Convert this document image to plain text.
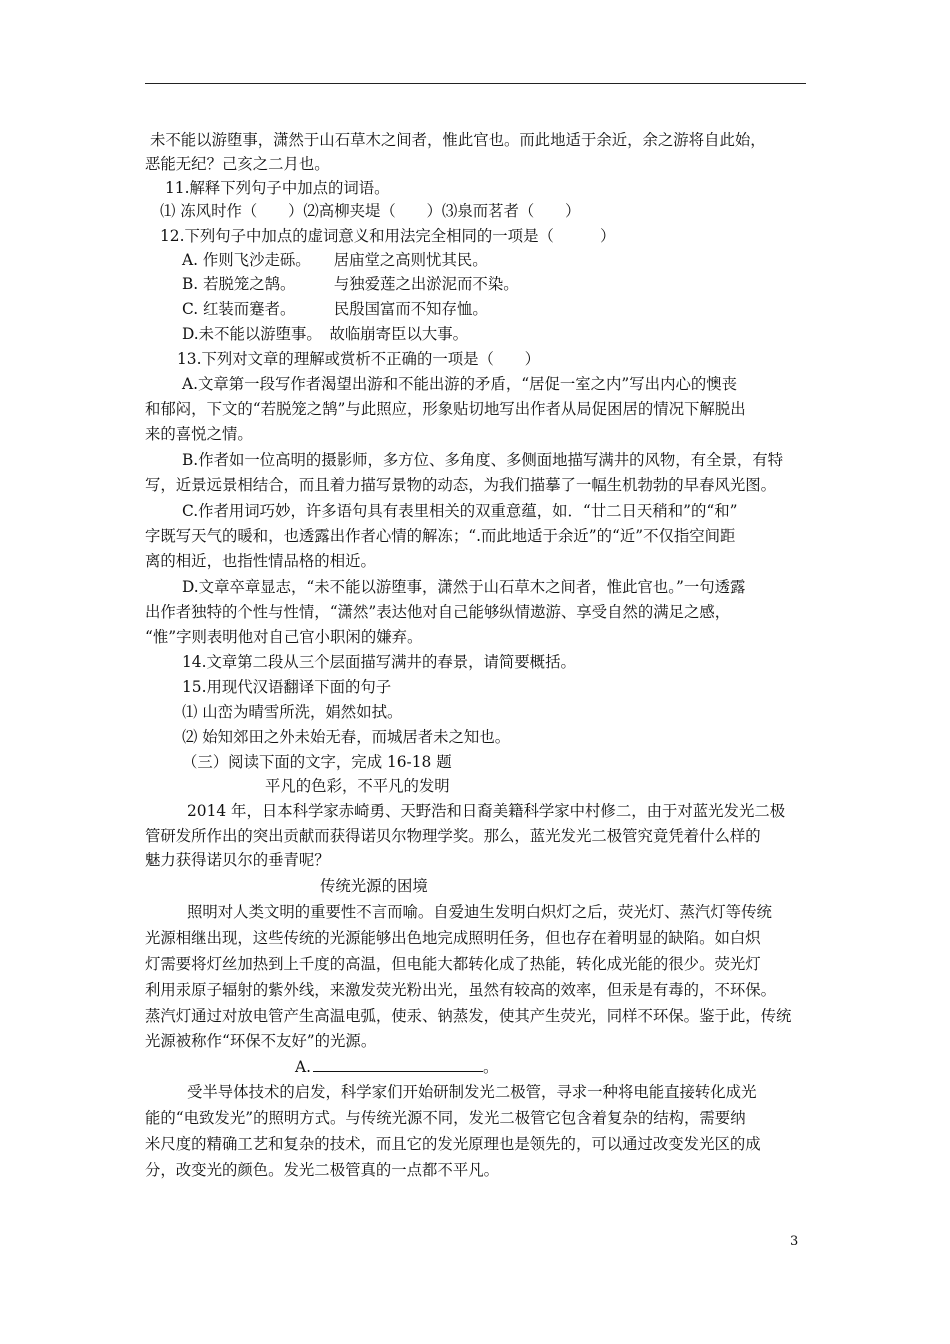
未不能以游堕事，潇然于山石草木之间者，惟此官也。而此地适于余近，余之游将自此始，
恶能无纪？己亥之二月也。
11.解释下列句子中加点的词语。
⑴ 冻风时作（　　）⑵高柳夹堤（　　）⑶泉而茗者（　　）
12.下列句子中加点的虚词意义和用法完全相同的一项是（　　　）
A. 作则飞沙走砾。　　居庙堂之高则忧其民。
B. 若脱笼之鹄。　　　与独爱莲之出淤泥而不染。
C. 红装而蹇者。　　　民殷国富而不知存恤。
D.未不能以游堕事。　故临崩寄臣以大事。
13.下列对文章的理解或赏析不正确的一项是（　　）
A.文章第一段写作者渴望出游和不能出游的矛盾，“居促一室之内”写出内心的懊丧
和郁闷，下文的“若脱笼之鹄”与此照应，形象贴切地写出作者从局促困居的情况下解脱出
来的喜悦之情。
B.作者如一位高明的摄影师，多方位、多角度、多侧面地描写满井的风物，有全景，有特
写，近景远景相结合，而且着力描写景物的动态，为我们描摹了一幅生机勃勃的早春风光图。
C.作者用词巧妙，许多语句具有表里相关的双重意蕴，如．“廿二日天稍和”的“和”
字既写天气的暖和，也透露出作者心情的解冻；“.而此地适于余近”的“近”不仅指空间距
离的相近，也指性情品格的相近。
D.文章卒章显志，“未不能以游堕事，潇然于山石草木之间者，惟此官也。”一句透露
出作者独特的个性与性情，“潇然”表达他对自己能够纵情遨游、享受自然的满足之感，
“惟”字则表明他对自己官小职闲的嫌弃。
14.文章第二段从三个层面描写满井的春景，请简要概括。
15.用现代汉语翻译下面的句子
⑴ 山峦为晴雪所洗，娟然如拭。
⑵ 始知郊田之外未始无春，而城居者未之知也。
（三）阅读下面的文字，完成 16-18 题
平凡的色彩，不平凡的发明
2014 年，日本科学家赤崎勇、天野浩和日裔美籍科学家中村修二，由于对蓝光发光二极
管研发所作出的突出贡献而获得诺贝尔物理学奖。那么，蓝光发光二极管究竟凭着什么样的
魅力获得诺贝尔的垂青呢？
传统光源的困境
照明对人类文明的重要性不言而喻。自爱迪生发明白炽灯之后，荧光灯、蒸汽灯等传统
光源相继出现，这些传统的光源能够出色地完成照明任务，但也存在着明显的缺陷。如白炽
灯需要将灯丝加热到上千度的高温，但电能大都转化成了热能，转化成光能的很少。荧光灯
利用汞原子辐射的紫外线，来激发荧光粉出光，虽然有较高的效率，但汞是有毒的，不环保。
蒸汽灯通过对放电管产生高温电弧，使汞、钠蒸发，使其产生荧光，同样不环保。鉴于此，传统
光源被称作“环保不友好”的光源。
A.	。
受半导体技术的启发，科学家们开始研制发光二极管，寻求一种将电能直接转化成光
能的“电致发光”的照明方式。与传统光源不同，发光二极管它包含着复杂的结构，需要纳
米尺度的精确工艺和复杂的技术，而且它的发光原理也是领先的，可以通过改变发光区的成
分，改变光的颜色。发光二极管真的一点都不平凡。
3
